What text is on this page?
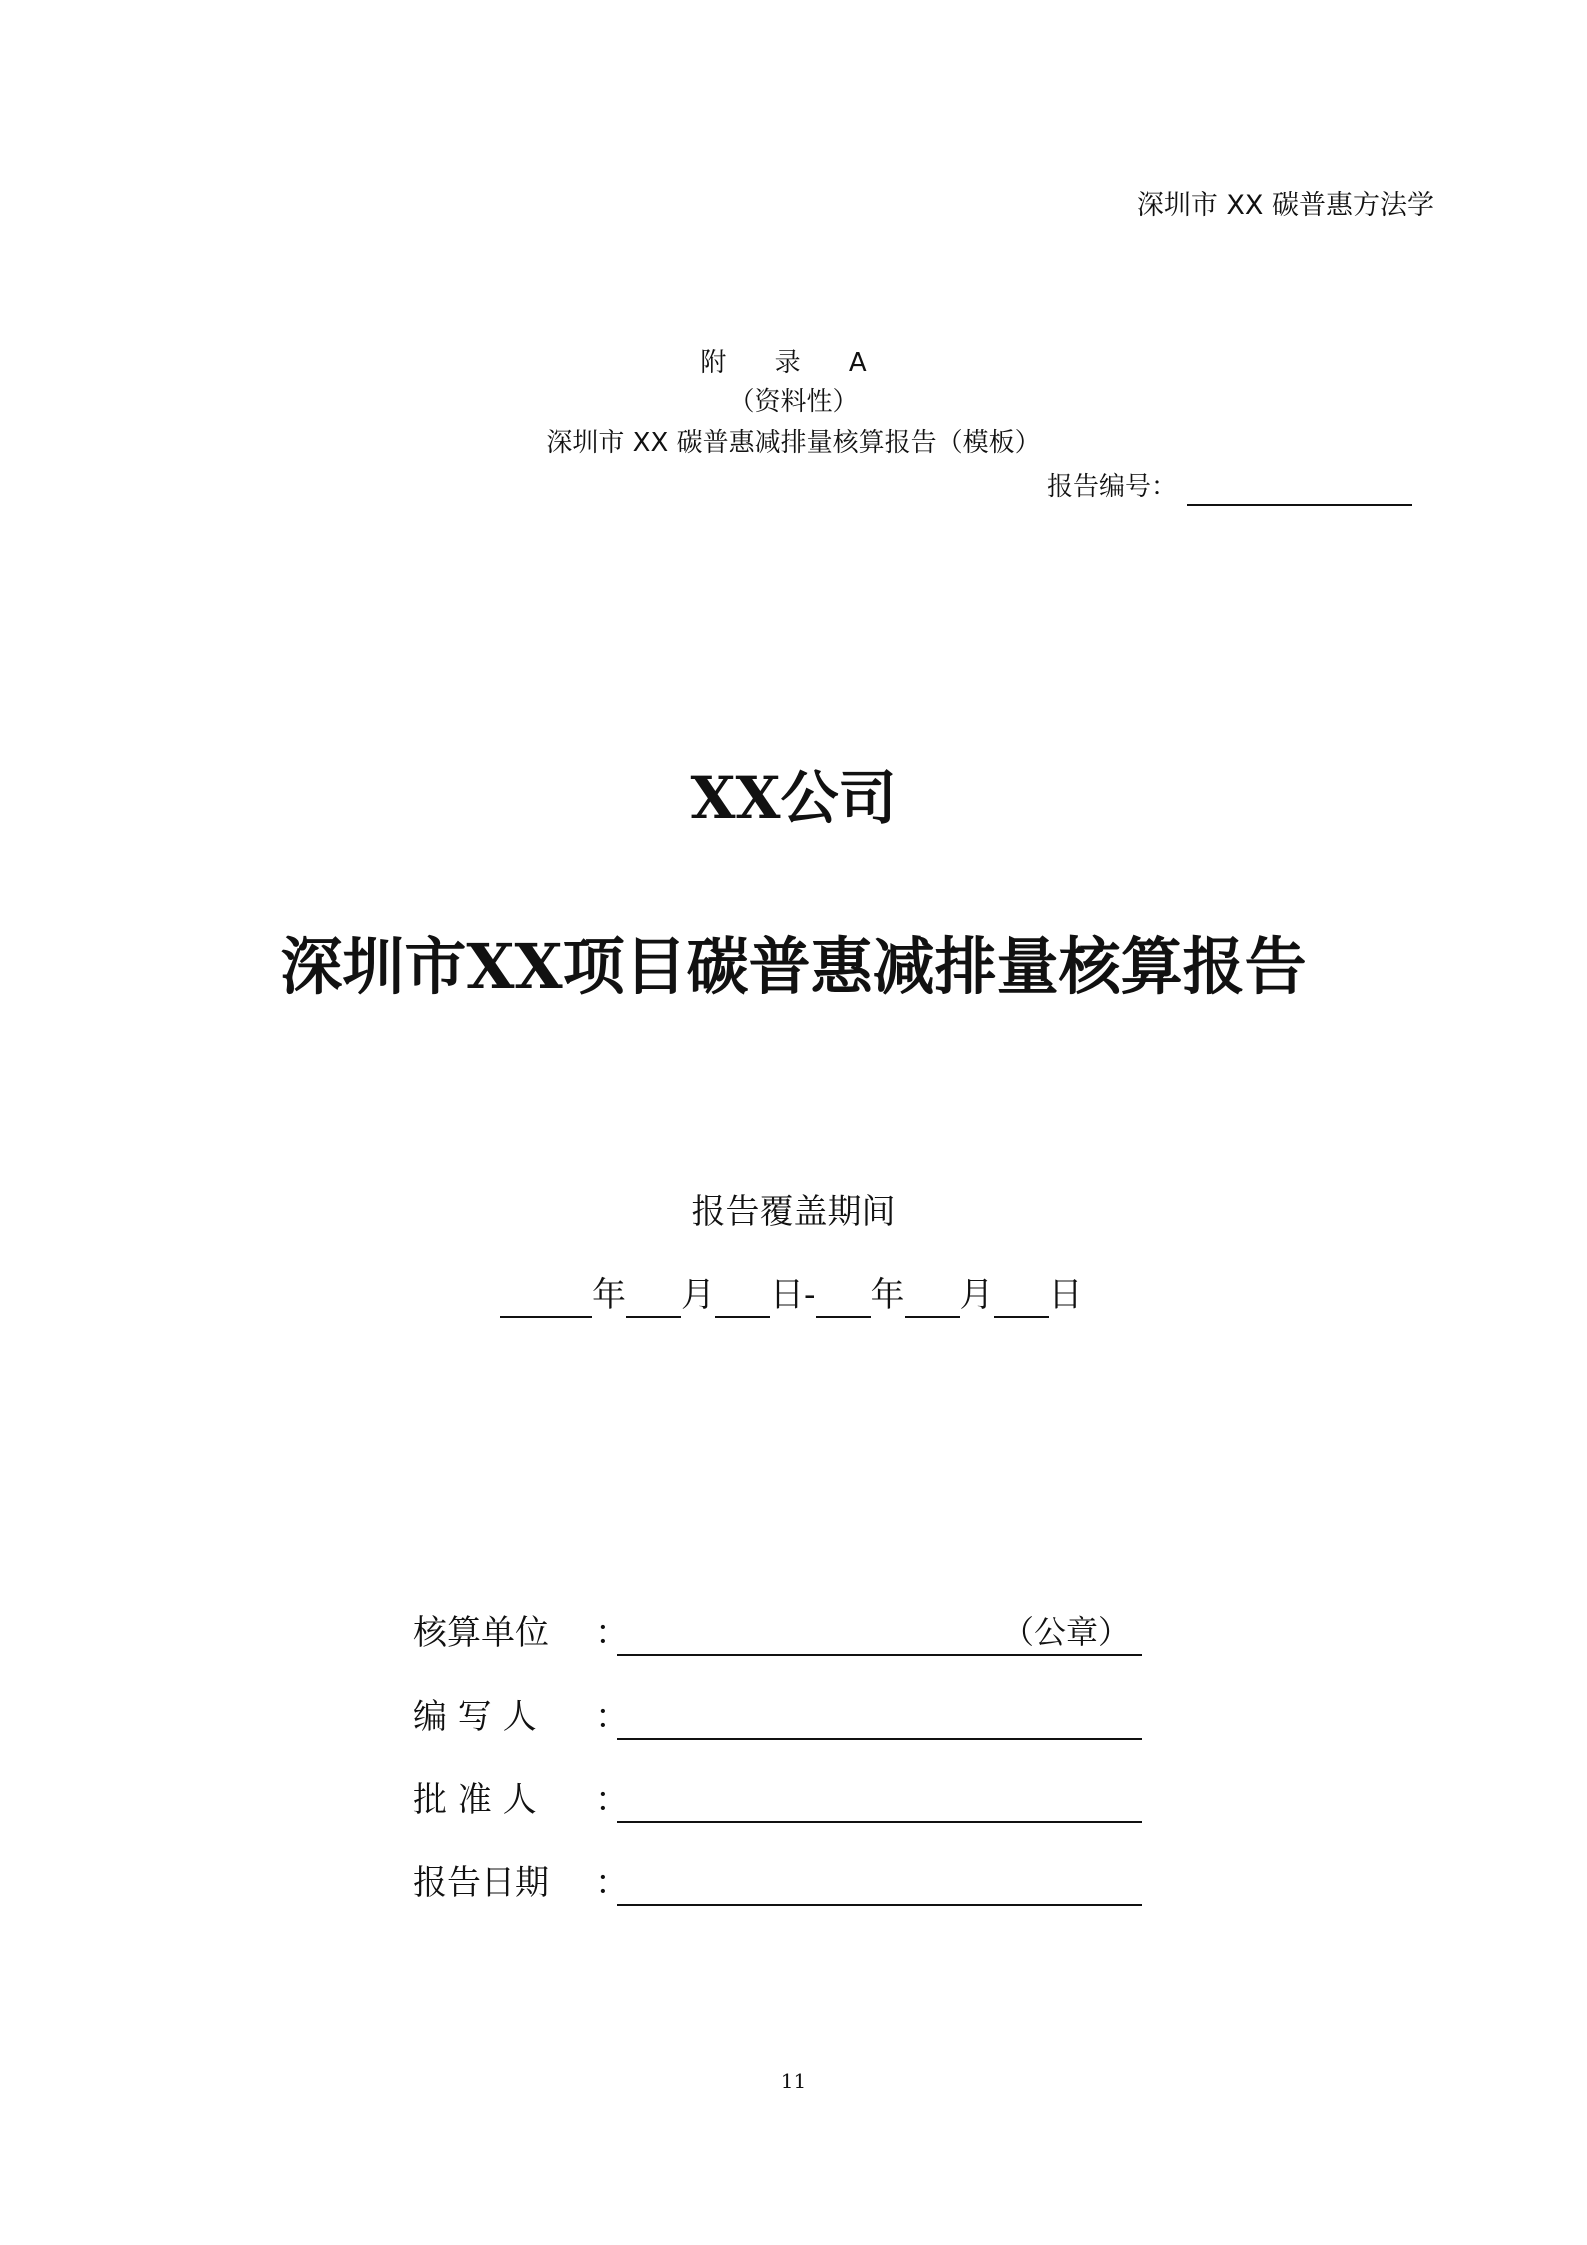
深圳市 XX 碳普惠方法学
附 录 A
（资料性）
深圳市 XX 碳普惠减排量核算报告（模板）
报告编号：
XX公司
深圳市XX项目碳普惠减排量核算报告
报告覆盖期间
年 月 日- 年 月 日
核算单位	：	（公章）
编 写 人	：
批 准 人	：
报告日期	：
11
